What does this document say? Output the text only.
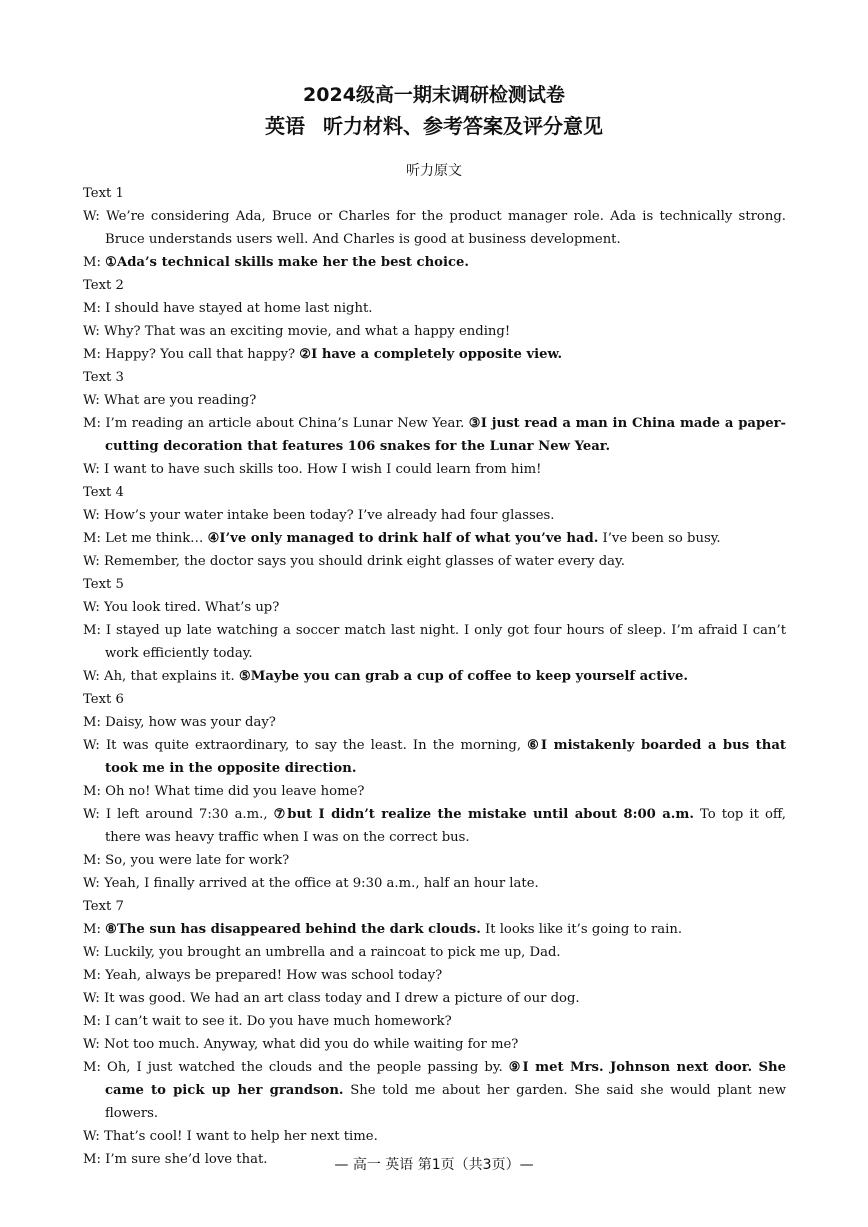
2024级高一期末调研检测试卷
英语 听力材料、参考答案及评分意见
听力原文
Text 1
W: We’re considering Ada, Bruce or Charles for the product manager role. Ada is technically strong. Bruce understands users well. And Charles is good at business development.
M: ①Ada’s technical skills make her the best choice.
Text 2
M: I should have stayed at home last night.
W: Why? That was an exciting movie, and what a happy ending!
M: Happy? You call that happy? ②I have a completely opposite view.
Text 3
W: What are you reading?
M: I’m reading an article about China’s Lunar New Year. ③I just read a man in China made a paper-cutting decoration that features 106 snakes for the Lunar New Year.
W: I want to have such skills too. How I wish I could learn from him!
Text 4
W: How’s your water intake been today? I’ve already had four glasses.
M: Let me think… ④I’ve only managed to drink half of what you’ve had. I’ve been so busy.
W: Remember, the doctor says you should drink eight glasses of water every day.
Text 5
W: You look tired. What’s up?
M: I stayed up late watching a soccer match last night. I only got four hours of sleep. I’m afraid I can’t work efficiently today.
W: Ah, that explains it. ⑤Maybe you can grab a cup of coffee to keep yourself active.
Text 6
M: Daisy, how was your day?
W: It was quite extraordinary, to say the least. In the morning, ⑥I mistakenly boarded a bus that took me in the opposite direction.
M: Oh no! What time did you leave home?
W: I left around 7:30 a.m., ⑦but I didn’t realize the mistake until about 8:00 a.m. To top it off, there was heavy traffic when I was on the correct bus.
M: So, you were late for work?
W: Yeah, I finally arrived at the office at 9:30 a.m., half an hour late.
Text 7
M: ⑧The sun has disappeared behind the dark clouds. It looks like it’s going to rain.
W: Luckily, you brought an umbrella and a raincoat to pick me up, Dad.
M: Yeah, always be prepared! How was school today?
W: It was good. We had an art class today and I drew a picture of our dog.
M: I can’t wait to see it. Do you have much homework?
W: Not too much. Anyway, what did you do while waiting for me?
M: Oh, I just watched the clouds and the people passing by. ⑨I met Mrs. Johnson next door. She came to pick up her grandson. She told me about her garden. She said she would plant new flowers.
W: That’s cool! I want to help her next time.
M: I’m sure she’d love that.	— 高一 英语 第1页（共3页）—
